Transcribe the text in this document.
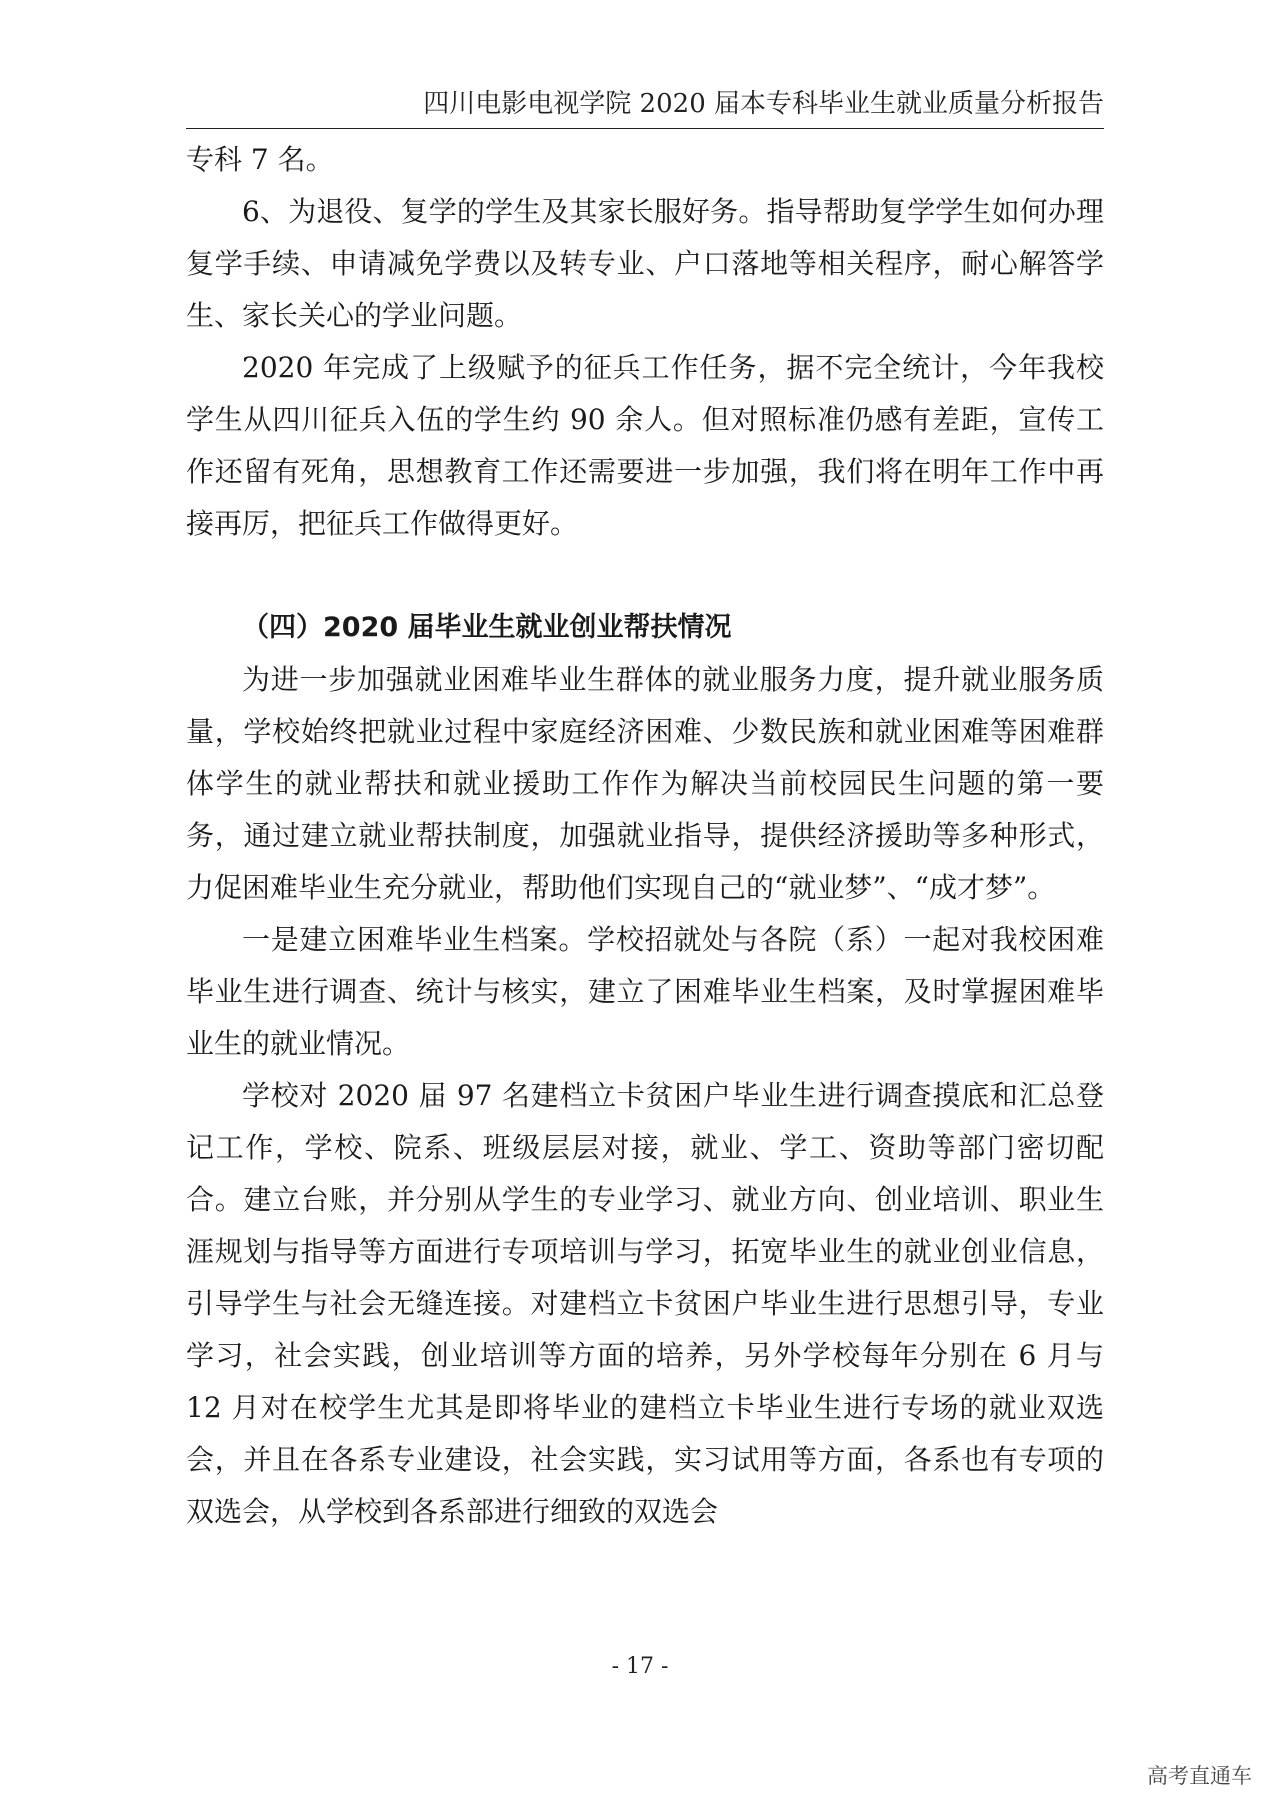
四川电影电视学院 2020 届本专科毕业生就业质量分析报告

专科 7 名。

6、为退役、复学的学生及其家长服好务。指导帮助复学学生如何办理复学手续、申请减免学费以及转专业、户口落地等相关程序，耐心解答学生、家长关心的学业问题。

2020 年完成了上级赋予的征兵工作任务，据不完全统计，今年我校学生从四川征兵入伍的学生约 90 余人。但对照标准仍感有差距，宣传工作还留有死角，思想教育工作还需要进一步加强，我们将在明年工作中再接再厉，把征兵工作做得更好。

（四）2020 届毕业生就业创业帮扶情况

为进一步加强就业困难毕业生群体的就业服务力度，提升就业服务质量，学校始终把就业过程中家庭经济困难、少数民族和就业困难等困难群体学生的就业帮扶和就业援助工作作为解决当前校园民生问题的第一要务，通过建立就业帮扶制度，加强就业指导，提供经济援助等多种形式，力促困难毕业生充分就业，帮助他们实现自己的“就业梦”、“成才梦”。

一是建立困难毕业生档案。学校招就处与各院（系）一起对我校困难毕业生进行调查、统计与核实，建立了困难毕业生档案，及时掌握困难毕业生的就业情况。

学校对 2020 届 97 名建档立卡贫困户毕业生进行调查摸底和汇总登记工作，学校、院系、班级层层对接，就业、学工、资助等部门密切配合。建立台账，并分别从学生的专业学习、就业方向、创业培训、职业生涯规划与指导等方面进行专项培训与学习，拓宽毕业生的就业创业信息，引导学生与社会无缝连接。对建档立卡贫困户毕业生进行思想引导，专业学习，社会实践，创业培训等方面的培养，另外学校每年分别在 6 月与 12 月对在校学生尤其是即将毕业的建档立卡毕业生进行专场的就业双选会，并且在各系专业建设，社会实践，实习试用等方面，各系也有专项的双选会，从学校到各系部进行细致的双选会

- 17 -
高考直通车
